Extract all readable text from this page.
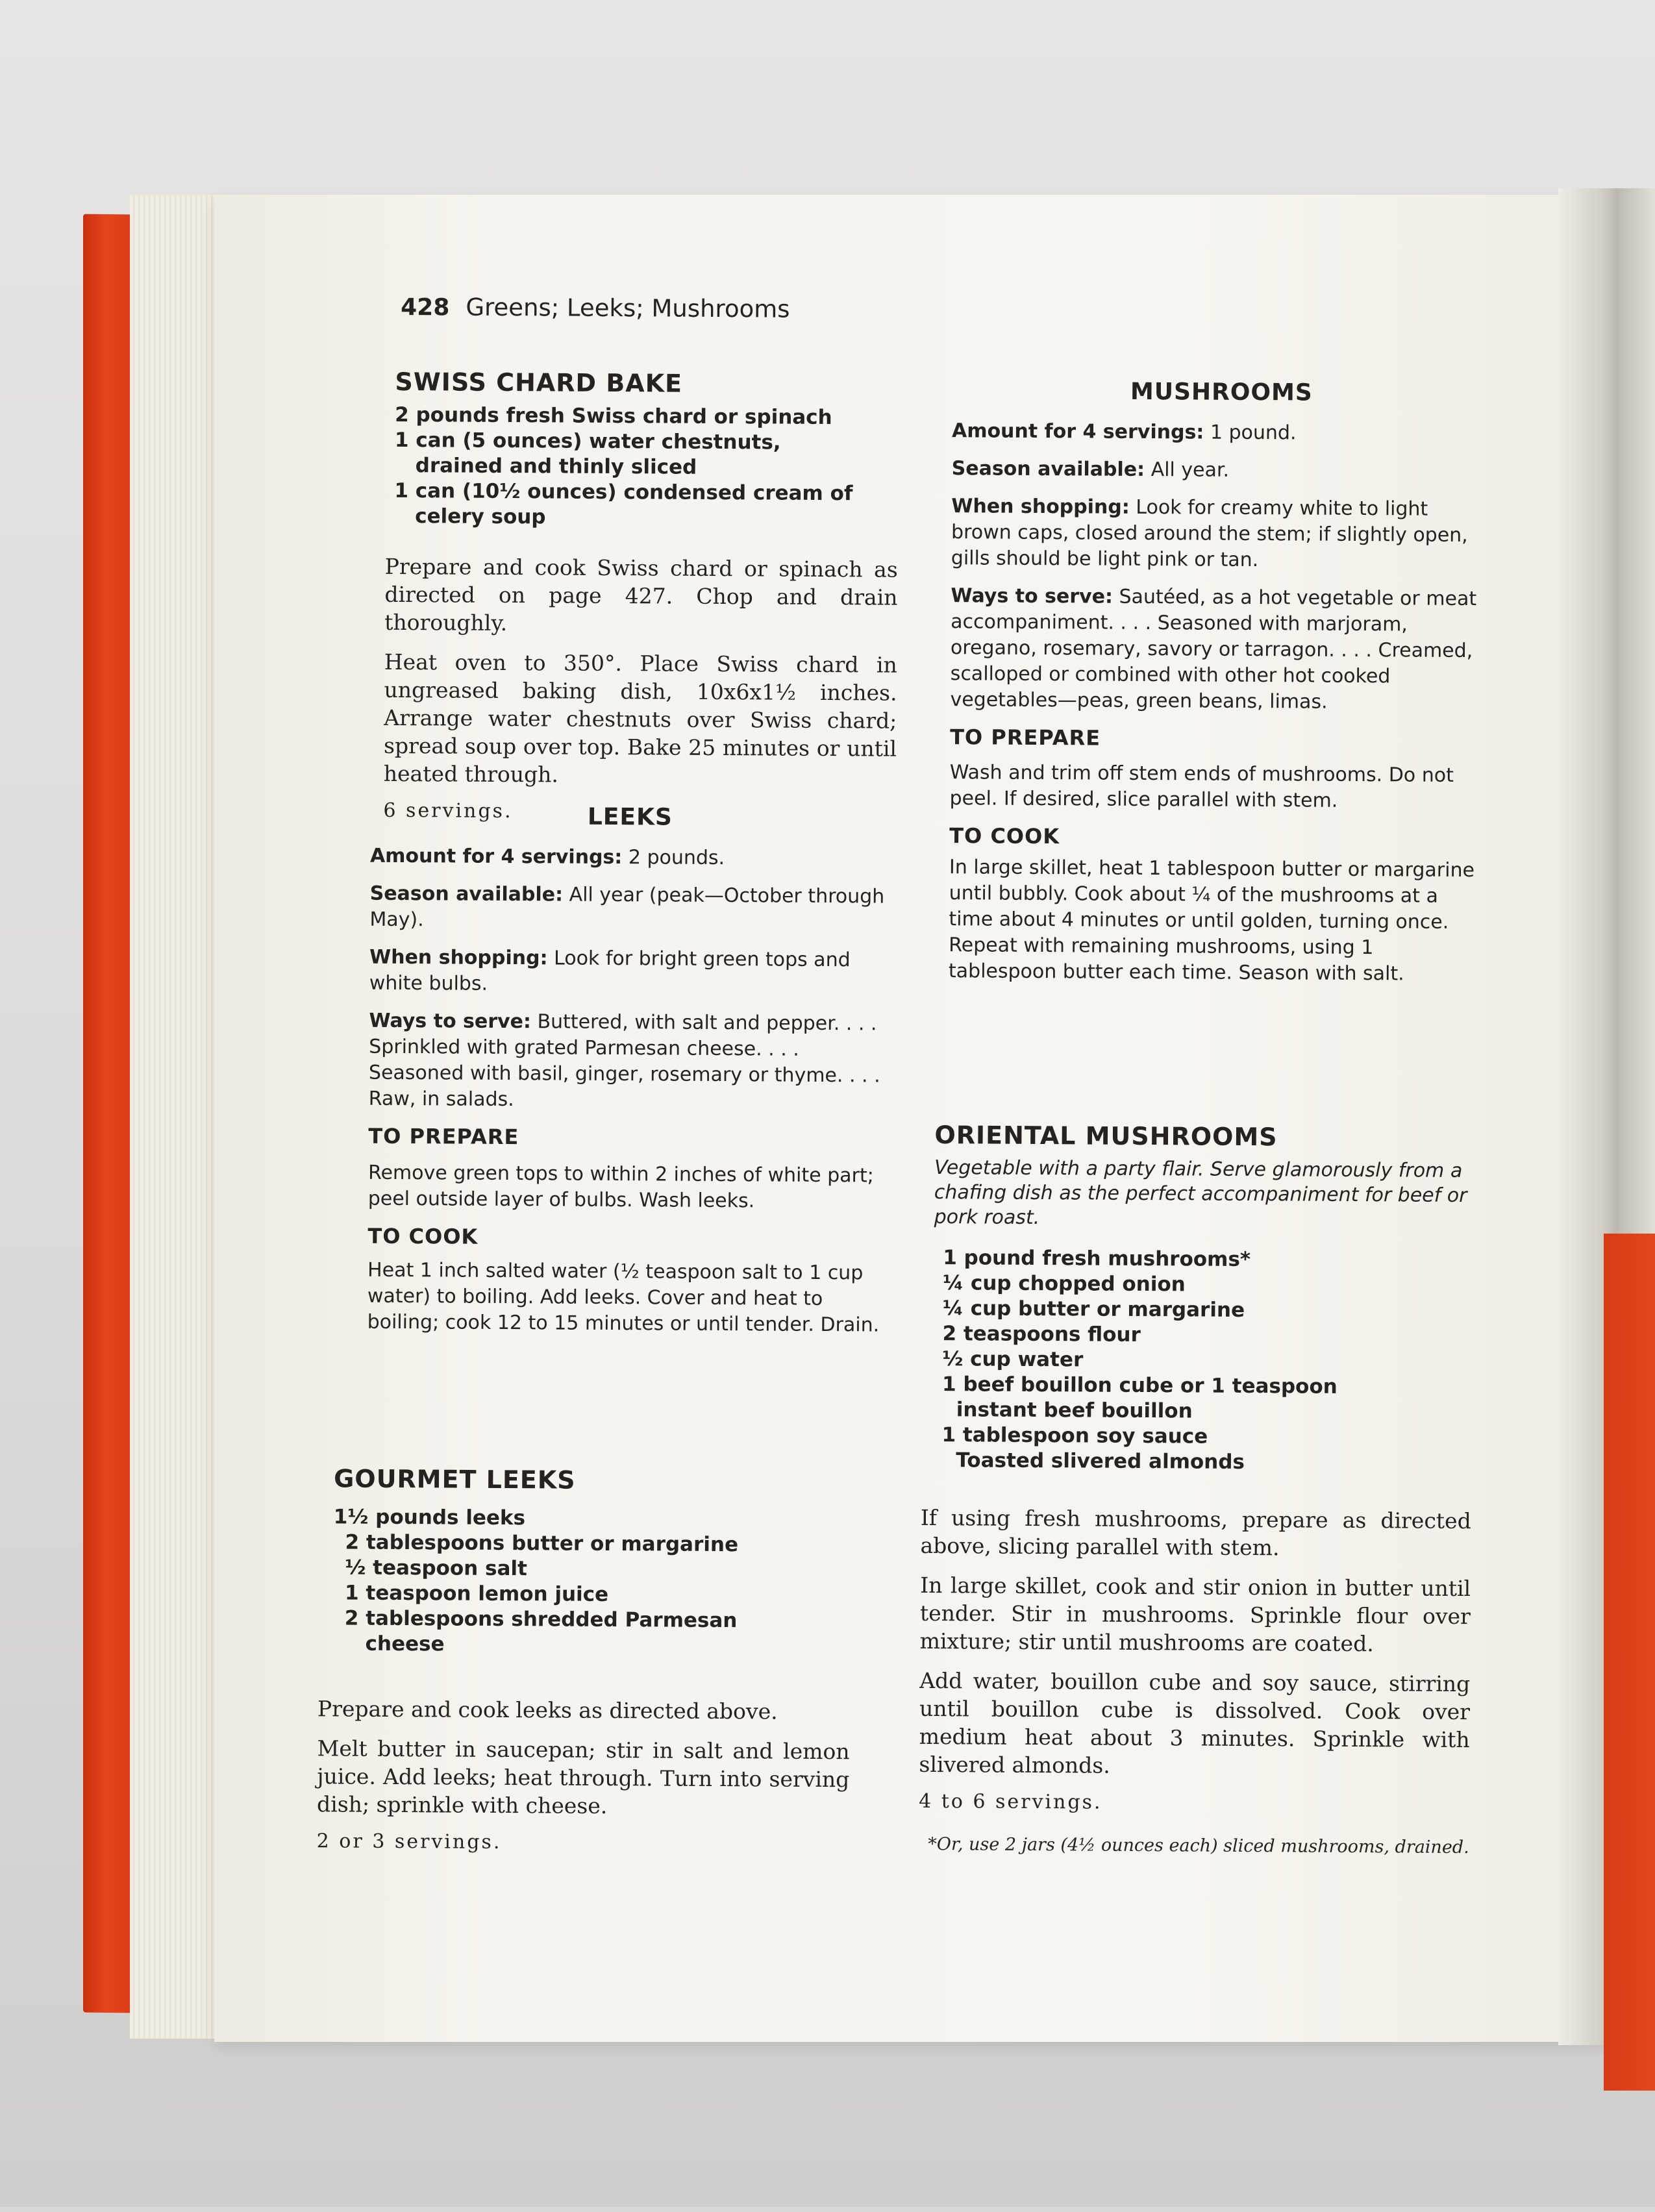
428 Greens; Leeks; Mushrooms
SWISS CHARD BAKE
2 pounds fresh Swiss chard or spinach
1 can (5 ounces) water chestnuts,
drained and thinly sliced
1 can (10½ ounces) condensed cream of
celery soup

Prepare and cook Swiss chard or spinach as directed on page 427. Chop and drain thoroughly.

Heat oven to 350°. Place Swiss chard in ungreased baking dish, 10x6x1½ inches. Arrange water chestnuts over Swiss chard; spread soup over top. Bake 25 minutes or until heated through.

6 servings.	LEEKS

Amount for 4 servings: 2 pounds.

Season available: All year (peak—October through May).

When shopping: Look for bright green tops and white bulbs.

Ways to serve: Buttered, with salt and pepper. . . . Sprinkled with grated Parmesan cheese. . . . Seasoned with basil, ginger, rosemary or thyme. . . . Raw, in salads.

TO PREPARE

Remove green tops to within 2 inches of white part; peel outside layer of bulbs. Wash leeks.

TO COOK

Heat 1 inch salted water (½ teaspoon salt to 1 cup water) to boiling. Add leeks. Cover and heat to boiling; cook 12 to 15 minutes or until tender. Drain.

GOURMET LEEKS
1½ pounds leeks
2 tablespoons butter or margarine
½ teaspoon salt
1 teaspoon lemon juice
2 tablespoons shredded Parmesan
cheese

Prepare and cook leeks as directed above.

Melt butter in saucepan; stir in salt and lemon juice. Add leeks; heat through. Turn into serving dish; sprinkle with cheese.

2 or 3 servings.
MUSHROOMS

Amount for 4 servings: 1 pound.

Season available: All year.

When shopping: Look for creamy white to light brown caps, closed around the stem; if slightly open, gills should be light pink or tan.

Ways to serve: Sautéed, as a hot vegetable or meat accompaniment. . . . Seasoned with marjoram, oregano, rosemary, savory or tarragon. . . . Creamed, scalloped or combined with other hot cooked vegetables—peas, green beans, limas.

TO PREPARE

Wash and trim off stem ends of mushrooms. Do not peel. If desired, slice parallel with stem.

TO COOK

In large skillet, heat 1 tablespoon butter or margarine until bubbly. Cook about ¼ of the mushrooms at a time about 4 minutes or until golden, turning once. Repeat with remaining mushrooms, using 1 tablespoon butter each time. Season with salt.

ORIENTAL MUSHROOMS

Vegetable with a party flair. Serve glamorously from a chafing dish as the perfect accompaniment for beef or pork roast.

1 pound fresh mushrooms*
¼ cup chopped onion
¼ cup butter or margarine
2 teaspoons flour
½ cup water
1 beef bouillon cube or 1 teaspoon
instant beef bouillon
1 tablespoon soy sauce
Toasted slivered almonds

If using fresh mushrooms, prepare as directed above, slicing parallel with stem.

In large skillet, cook and stir onion in butter until tender. Stir in mushrooms. Sprinkle flour over mixture; stir until mushrooms are coated.

Add water, bouillon cube and soy sauce, stirring until bouillon cube is dissolved. Cook over medium heat about 3 minutes. Sprinkle with slivered almonds.

4 to 6 servings.
*Or, use 2 jars (4½ ounces each) sliced mushrooms, drained.
